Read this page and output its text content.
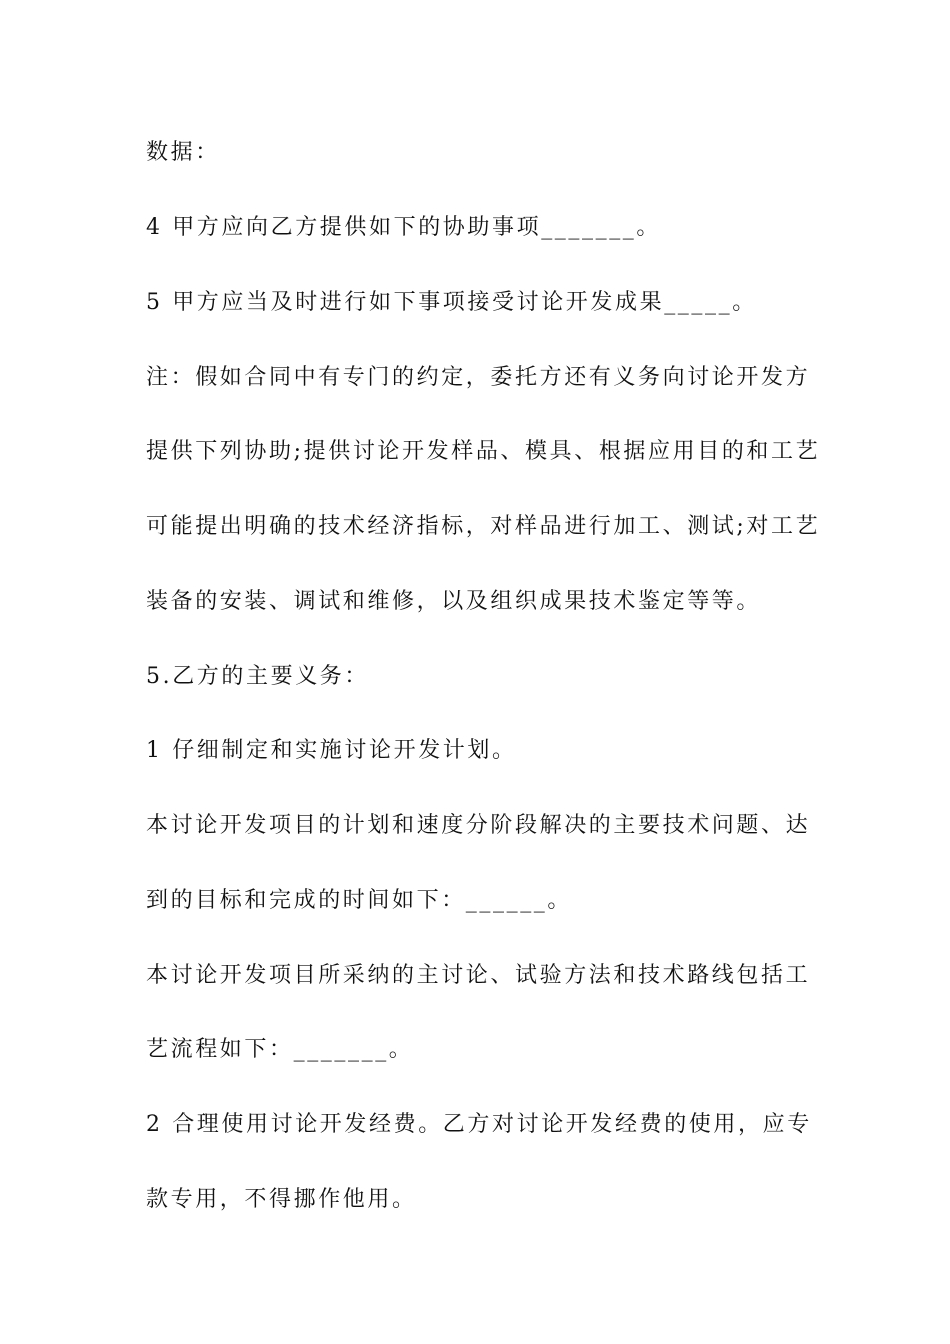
数据：
4 甲方应向乙方提供如下的协助事项_______。
5 甲方应当及时进行如下事项接受讨论开发成果_____。
注：假如合同中有专门的约定，委托方还有义务向讨论开发方
提供下列协助;提供讨论开发样品、模具、根据应用目的和工艺
可能提出明确的技术经济指标，对样品进行加工、测试;对工艺
装备的安装、调试和维修，以及组织成果技术鉴定等等。
5.乙方的主要义务：
1 仔细制定和实施讨论开发计划。
本讨论开发项目的计划和速度分阶段解决的主要技术问题、达
到的目标和完成的时间如下：______。
本讨论开发项目所采纳的主讨论、试验方法和技术路线包括工
艺流程如下：_______。
2 合理使用讨论开发经费。乙方对讨论开发经费的使用，应专
款专用，不得挪作他用。
